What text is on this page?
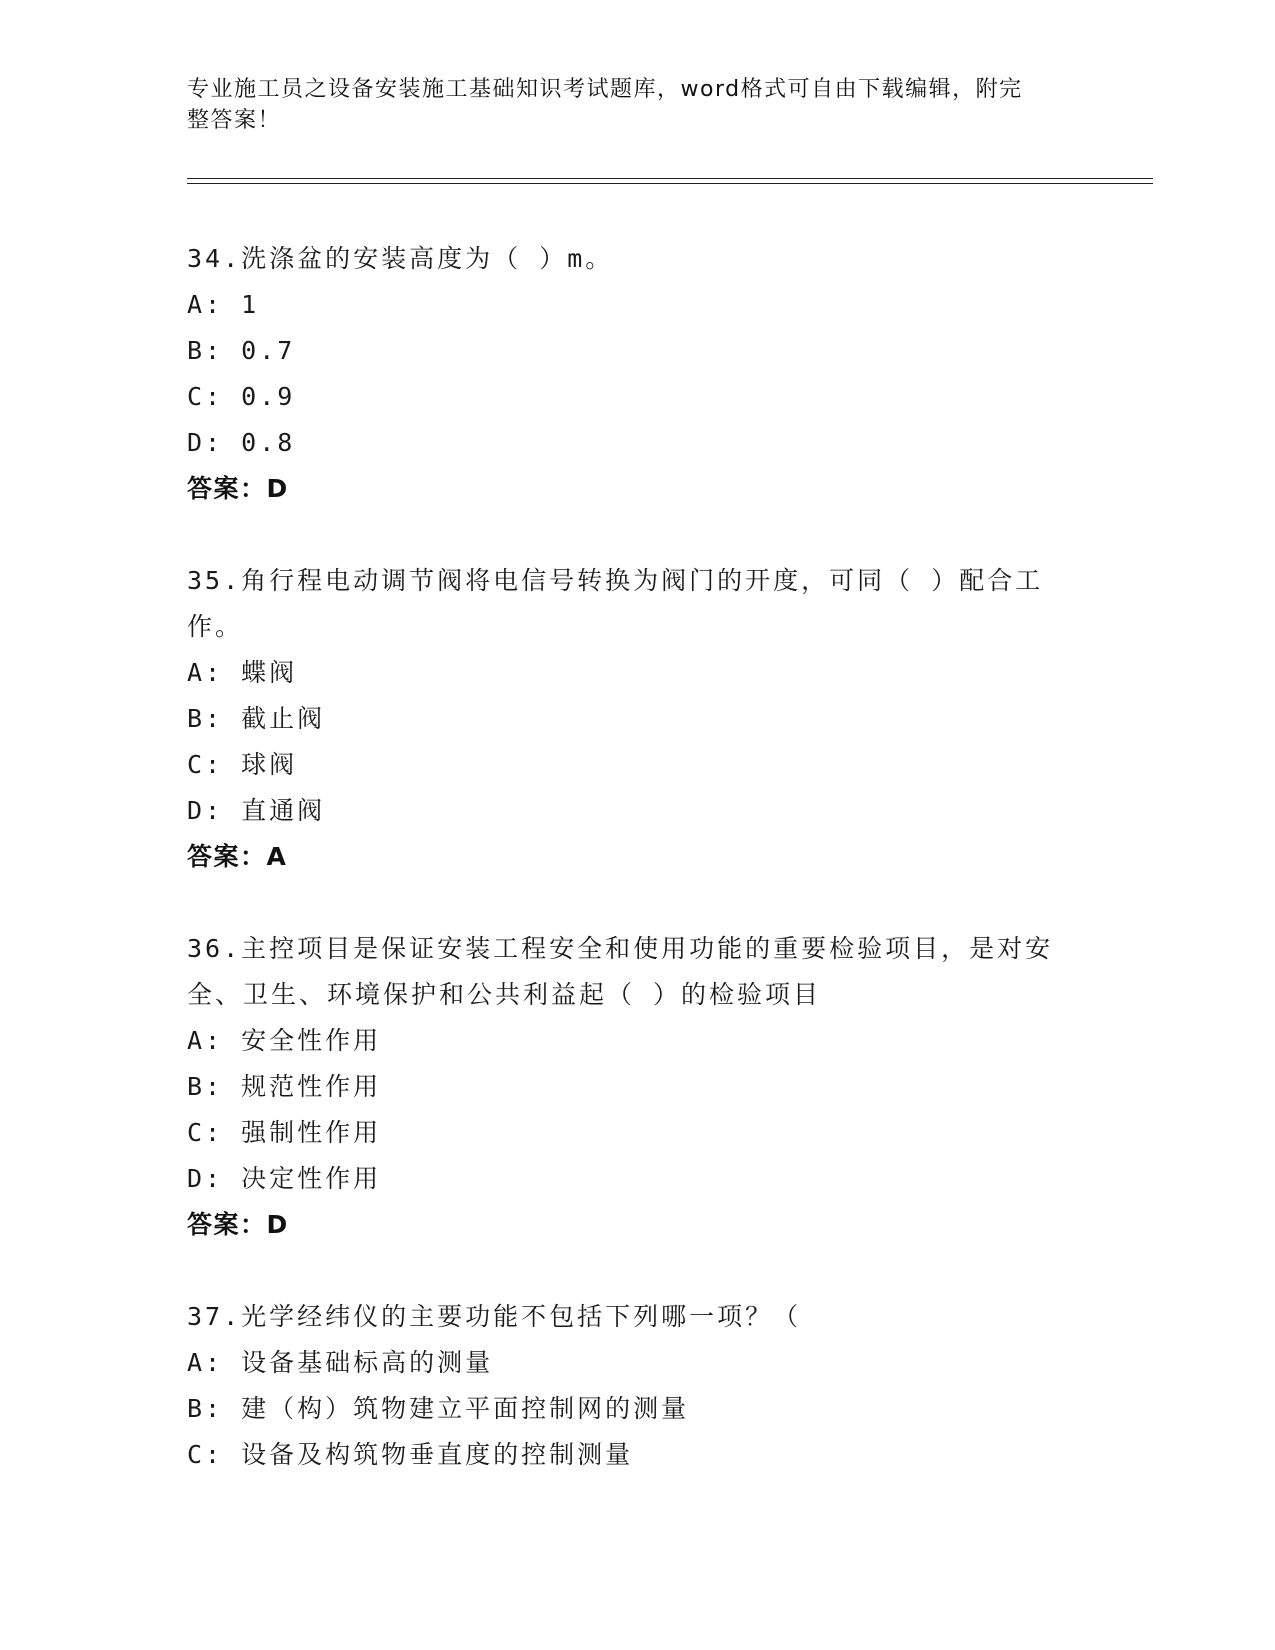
专业施工员之设备安装施工基础知识考试题库，word格式可自由下载编辑，附完
整答案！
34.洗涤盆的安装高度为（ ）m。
A: 1
B: 0.7
C: 0.9
D: 0.8
答案：D
35.角行程电动调节阀将电信号转换为阀门的开度，可同（ ）配合工
作。
A: 蝶阀
B: 截止阀
C: 球阀
D: 直通阀
答案：A
36.主控项目是保证安装工程安全和使用功能的重要检验项目，是对安
全、卫生、环境保护和公共利益起（ ）的检验项目
A: 安全性作用
B: 规范性作用
C: 强制性作用
D: 决定性作用
答案：D
37.光学经纬仪的主要功能不包括下列哪一项？（
A: 设备基础标高的测量
B: 建（构）筑物建立平面控制网的测量
C: 设备及构筑物垂直度的控制测量
